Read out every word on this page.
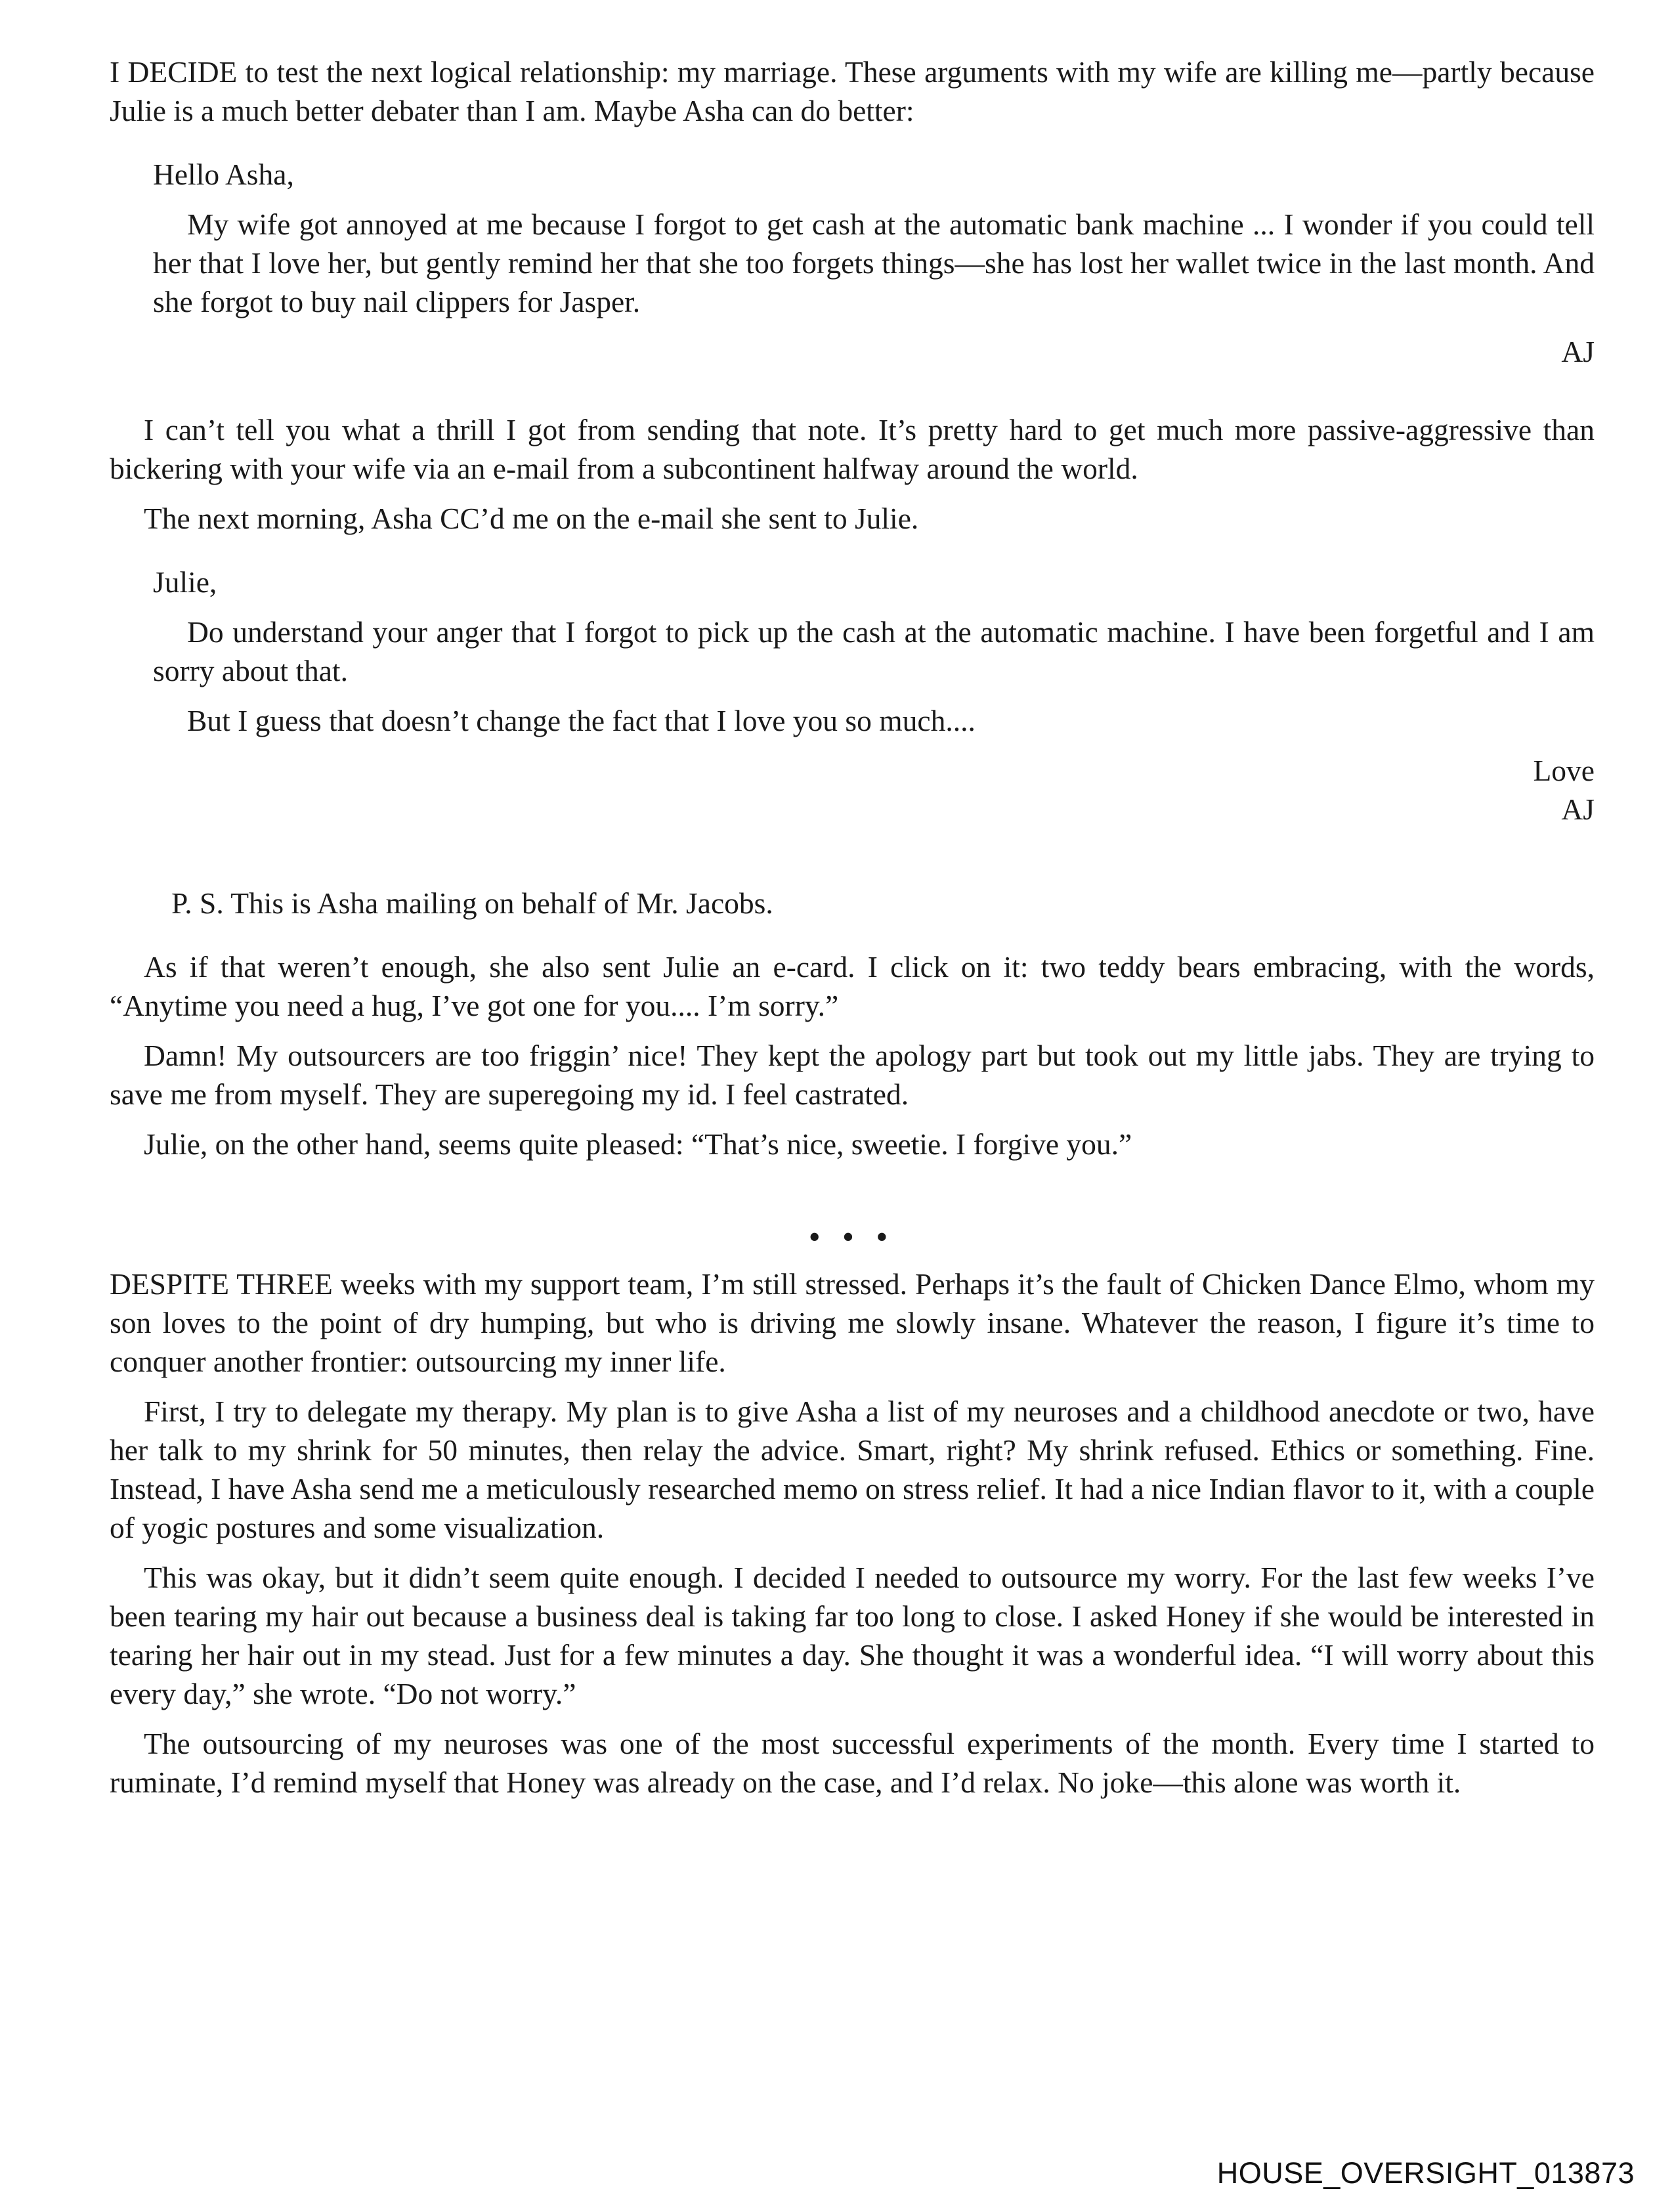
I DECIDE to test the next logical relationship: my marriage. These arguments with my wife are killing me—partly because Julie is a much better debater than I am. Maybe Asha can do better:

Hello Asha,

My wife got annoyed at me because I forgot to get cash at the automatic bank machine ... I wonder if you could tell her that I love her, but gently remind her that she too forgets things—she has lost her wallet twice in the last month. And she forgot to buy nail clippers for Jasper.

AJ

I can’t tell you what a thrill I got from sending that note. It’s pretty hard to get much more passive-aggressive than bickering with your wife via an e-mail from a subcontinent halfway around the world.

The next morning, Asha CC’d me on the e-mail she sent to Julie.

Julie,

Do understand your anger that I forgot to pick up the cash at the automatic machine. I have been forgetful and I am sorry about that.

But I guess that doesn’t change the fact that I love you so much....

Love

AJ

P. S. This is Asha mailing on behalf of Mr. Jacobs.

As if that weren’t enough, she also sent Julie an e-card. I click on it: two teddy bears embracing, with the words, “Anytime you need a hug, I’ve got one for you.... I’m sorry.”

Damn! My outsourcers are too friggin’ nice! They kept the apology part but took out my little jabs. They are trying to save me from myself. They are superegoing my id. I feel castrated.

Julie, on the other hand, seems quite pleased: “That’s nice, sweetie. I forgive you.”

• • •

DESPITE THREE weeks with my support team, I’m still stressed. Perhaps it’s the fault of Chicken Dance Elmo, whom my son loves to the point of dry humping, but who is driving me slowly insane. Whatever the reason, I figure it’s time to conquer another frontier: outsourcing my inner life.

First, I try to delegate my therapy. My plan is to give Asha a list of my neuroses and a childhood anecdote or two, have her talk to my shrink for 50 minutes, then relay the advice. Smart, right? My shrink refused. Ethics or something. Fine. Instead, I have Asha send me a meticulously researched memo on stress relief. It had a nice Indian flavor to it, with a couple of yogic postures and some visualization.

This was okay, but it didn’t seem quite enough. I decided I needed to outsource my worry. For the last few weeks I’ve been tearing my hair out because a business deal is taking far too long to close. I asked Honey if she would be interested in tearing her hair out in my stead. Just for a few minutes a day. She thought it was a wonderful idea. “I will worry about this every day,” she wrote. “Do not worry.”

The outsourcing of my neuroses was one of the most successful experiments of the month. Every time I started to ruminate, I’d remind myself that Honey was already on the case, and I’d relax. No joke—this alone was worth it.

HOUSE_OVERSIGHT_013873
